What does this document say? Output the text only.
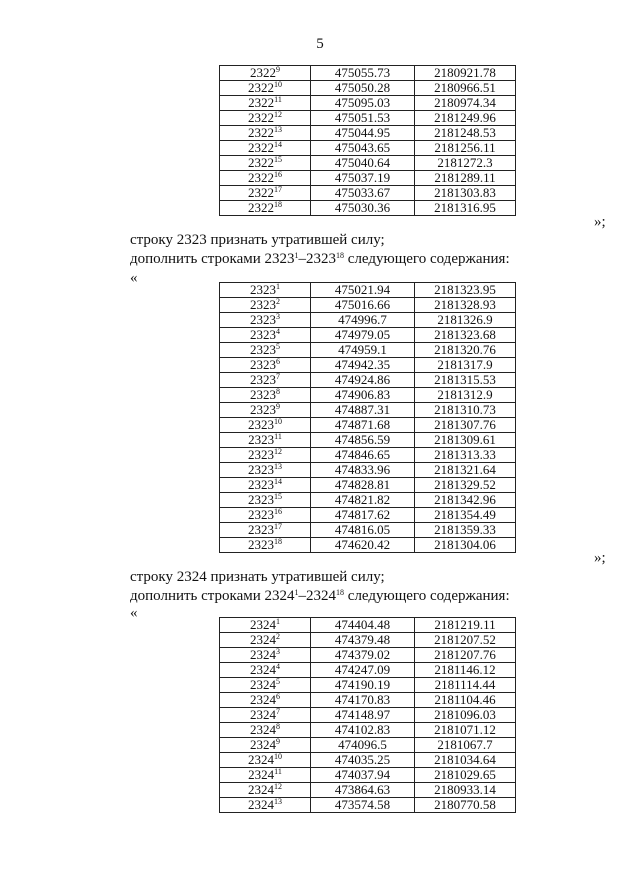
5
2322$^9$	475055.73	2180921.78
2322$^{10}$	475050.28	2180966.51
2322$^{11}$	475095.03	2180974.34
2322$^{12}$	475051.53	2181249.96
2322$^{13}$	475044.95	2181248.53
2322$^{14}$	475043.65	2181256.11
2322$^{15}$	475040.64	2181272.3
2322$^{16}$	475037.19	2181289.11
2322$^{17}$	475033.67	2181303.83
2322$^{18}$	475030.36	2181316.95
»;
строку 2323 признать утратившей силу;
дополнить строками 2323$^1$–2323$^{18}$ следующего содержания:
«
2323$^1$	475021.94	2181323.95
2323$^2$	475016.66	2181328.93
2323$^3$	474996.7	2181326.9
2323$^4$	474979.05	2181323.68
2323$^5$	474959.1	2181320.76
2323$^6$	474942.35	2181317.9
2323$^7$	474924.86	2181315.53
2323$^8$	474906.83	2181312.9
2323$^9$	474887.31	2181310.73
2323$^{10}$	474871.68	2181307.76
2323$^{11}$	474856.59	2181309.61
2323$^{12}$	474846.65	2181313.33
2323$^{13}$	474833.96	2181321.64
2323$^{14}$	474828.81	2181329.52
2323$^{15}$	474821.82	2181342.96
2323$^{16}$	474817.62	2181354.49
2323$^{17}$	474816.05	2181359.33
2323$^{18}$	474620.42	2181304.06
»;
строку 2324 признать утратившей силу;
дополнить строками 2324$^1$–2324$^{18}$ следующего содержания:
«
2324$^1$	474404.48	2181219.11
2324$^2$	474379.48	2181207.52
2324$^3$	474379.02	2181207.76
2324$^4$	474247.09	2181146.12
2324$^5$	474190.19	2181114.44
2324$^6$	474170.83	2181104.46
2324$^7$	474148.97	2181096.03
2324$^8$	474102.83	2181071.12
2324$^9$	474096.5	2181067.7
2324$^{10}$	474035.25	2181034.64
2324$^{11}$	474037.94	2181029.65
2324$^{12}$	473864.63	2180933.14
2324$^{13}$	473574.58	2180770.58
